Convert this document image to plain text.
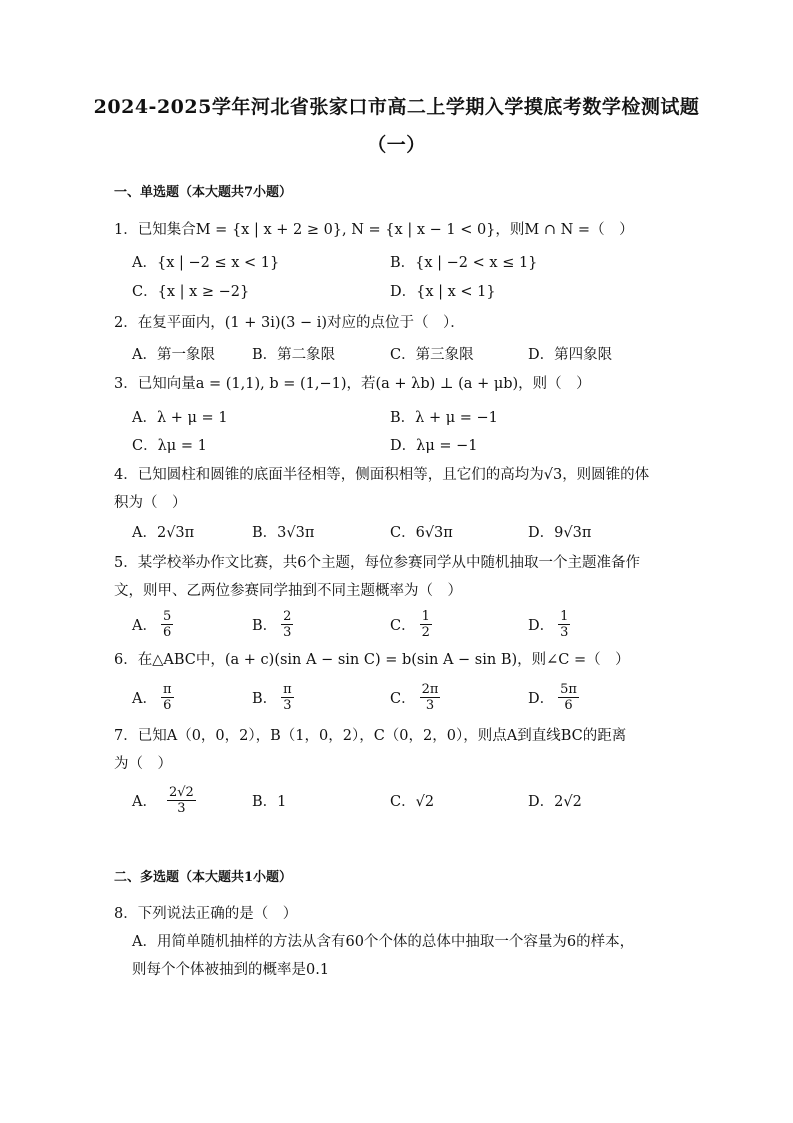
2024-2025学年河北省张家口市高二上学期入学摸底考数学检测试题
（一）
一、单选题（本大题共7小题）
1．已知集合M = {x | x + 2 ≥ 0}, N = {x | x − 1 < 0}，则M ∩ N =（　）
A．{x | −2 ≤ x < 1}	B．{x | −2 < x ≤ 1}
C．{x | x ≥ −2}	D．{x | x < 1}
2．在复平面内，(1 + 3i)(3 − i)对应的点位于（　）．
A．第一象限	B．第二象限	C．第三象限	D．第四象限
3．已知向量a = (1,1), b = (1,−1)，若(a + λb) ⊥ (a + μb)，则（　）
A．λ + μ = 1	B．λ + μ = −1
C．λμ = 1	D．λμ = −1
4．已知圆柱和圆锥的底面半径相等，侧面积相等，且它们的高均为√3，则圆锥的体
积为（　）
A．2√3π	B．3√3π	C．6√3π	D．9√3π
5．某学校举办作文比赛，共6个主题，每位参赛同学从中随机抽取一个主题准备作
文，则甲、乙两位参赛同学抽到不同主题概率为（　）
A． $\frac{5}{6}$	B． $\frac{2}{3}$	C． $\frac{1}{2}$	D． $\frac{1}{3}$
6．在△ABC中，(a + c)(sin A − sin C) = b(sin A − sin B)，则∠C =（　）
A． $\frac{\pi}{6}$	B． $\frac{\pi}{3}$	C． $\frac{2\pi}{3}$	D． $\frac{5\pi}{6}$
7．已知A（0，0，2），B（1，0，2），C（0，2，0），则点A到直线BC的距离
为（　）
A． $\frac{2√2}{3}$	B．1	C．√2	D．2√2
二、多选题（本大题共1小题）
8．下列说法正确的是（　）
A．用简单随机抽样的方法从含有60个个体的总体中抽取一个容量为6的样本，
则每个个体被抽到的概率是0.1
